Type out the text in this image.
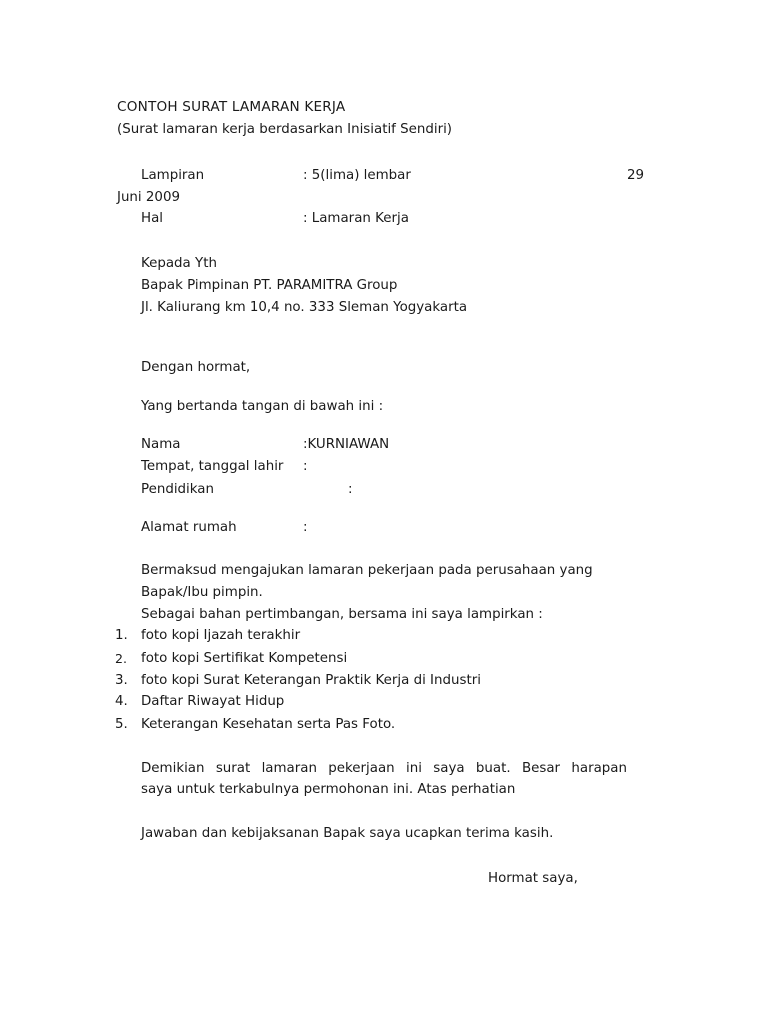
CONTOH SURAT LAMARAN KERJA
(Surat lamaran kerja berdasarkan Inisiatif Sendiri)
Lampiran	: 5(lima) lembar	29
Juni 2009
Hal	: Lamaran Kerja
Kepada Yth
Bapak Pimpinan PT. PARAMITRA Group
Jl. Kaliurang km 10,4 no. 333 Sleman Yogyakarta
Dengan hormat,
Yang bertanda tangan di bawah ini :
Nama	:KURNIAWAN
Tempat, tanggal lahir :
Pendidikan	:
Alamat rumah	:
Bermaksud mengajukan lamaran pekerjaan pada perusahaan yang
Bapak/Ibu pimpin.
Sebagai bahan pertimbangan, bersama ini saya lampirkan :
1. foto kopi Ijazah terakhir
2. foto kopi Sertifikat Kompetensi
3. foto kopi Surat Keterangan Praktik Kerja di Industri
4. Daftar Riwayat Hidup
5. Keterangan Kesehatan serta Pas Foto.
Demikian surat lamaran pekerjaan ini saya buat. Besar harapan
saya untuk terkabulnya permohonan ini. Atas perhatian
Jawaban dan kebijaksanan Bapak saya ucapkan terima kasih.
Hormat saya,
